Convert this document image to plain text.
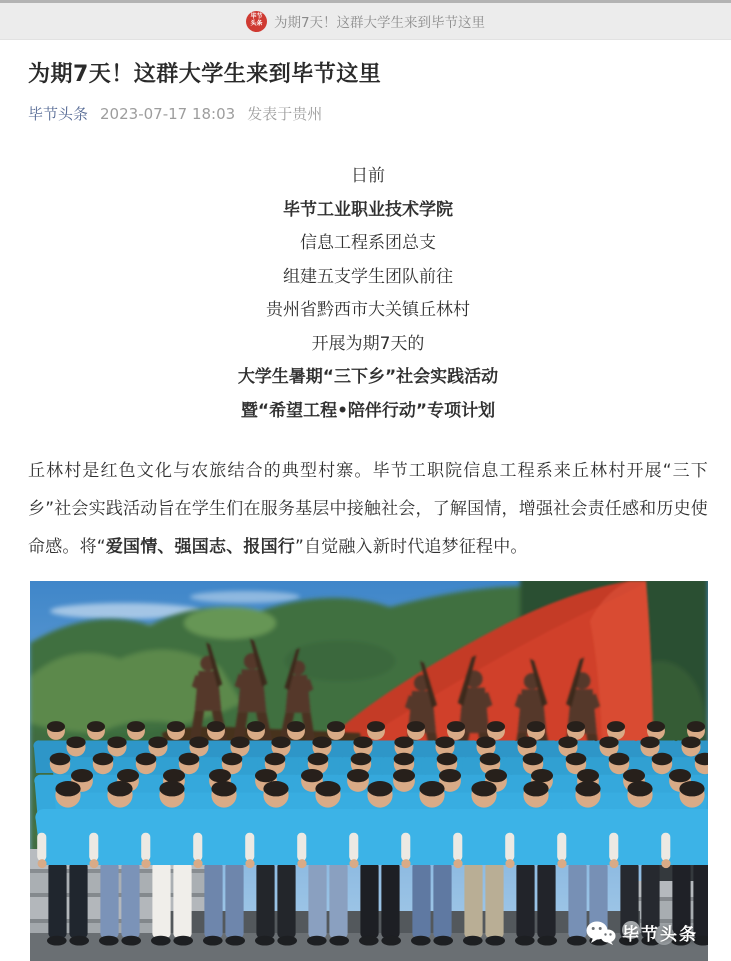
毕节
头条 为期7天！这群大学生来到毕节这里
为期7天！这群大学生来到毕节这里
毕节头条 2023-07-17 18:03 发表于贵州

日前

毕节工业职业技术学院

信息工程系团总支

组建五支学生团队前往

贵州省黔西市大关镇丘林村

开展为期7天的

大学生暑期“三下乡”社会实践活动

暨“希望工程•陪伴行动”专项计划

丘林村是红色文化与农旅结合的典型村寨。毕节工职院信息工程系来丘林村开展“三下乡”社会实践活动旨在学生们在服务基层中接触社会，了解国情，增强社会责任感和历史使命感。将“爱国情、强国志、报国行”自觉融入新时代追梦征程中。

毕节头条
